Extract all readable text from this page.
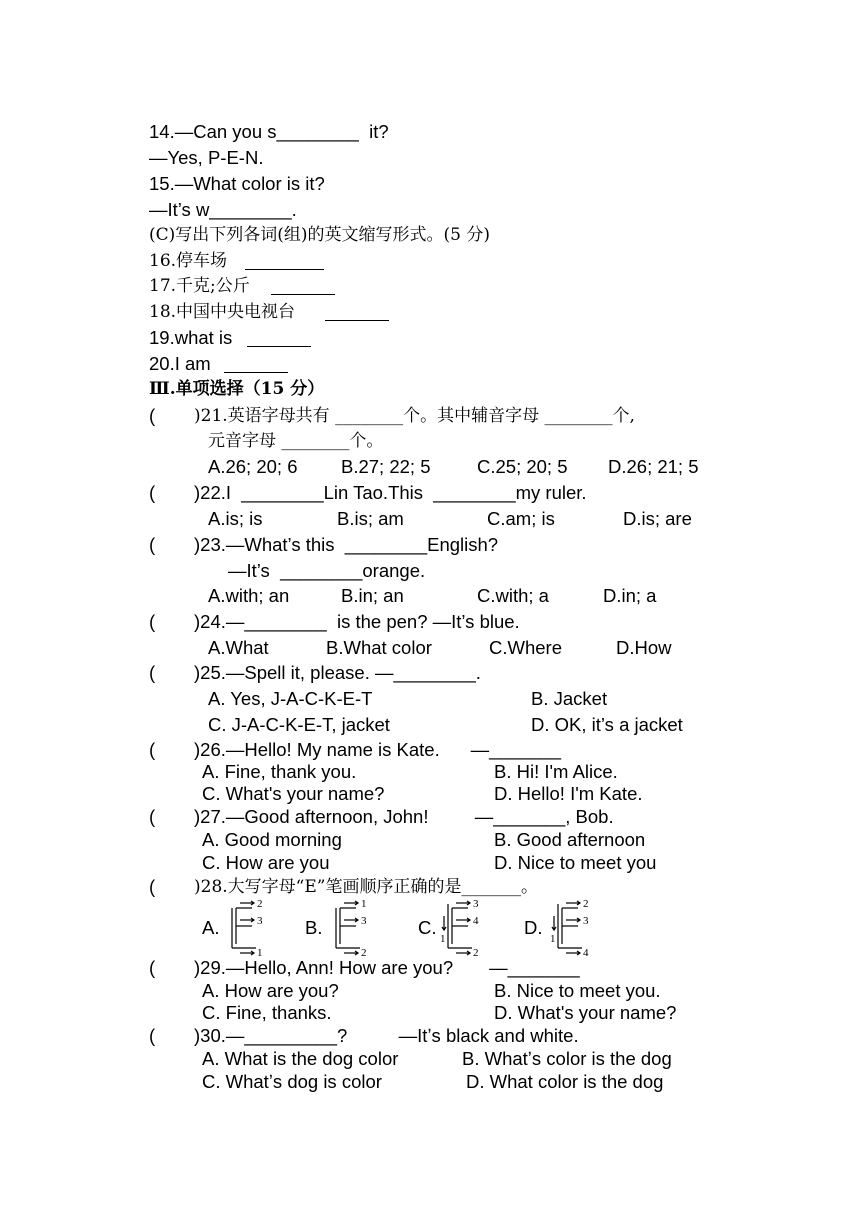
14.—Can you s________  it?
—Yes, P-E-N.
15.—What color is it?
—It’s w________.
(C)写出下列各词(组)的英文缩写形式。(5 分)
16.停车场
17.千克;公斤
18.中国中央电视台
19.what is
20.I am
Ⅲ.单项选择（15 分）
( )21.英语字母共有 ________个。其中辅音字母 ________个,
元音字母 ________个。
A.26; 20; 6 B.27; 22; 5	C.25; 20; 5 D.26; 21; 5
( )22.I  ________Lin Tao.This  ________my ruler.
A.is; is	B.is; am	C.am; is	D.is; are
( )23.—What’s this  ________English?
—It’s  ________orange.
A.with; an	B.in; an	C.with; a	D.in; a
( )24.—________  is the pen? —It’s blue.
A.What	B.What color	C.Where	D.How
( )25.—Spell it, please. —________.
A. Yes, J-A-C-K-E-T	B. Jacket
C. J-A-C-K-E-T, jacket	D. OK, it’s a jacket
( )26.—Hello! My name is Kate.      —_______
A. Fine, thank you.	B. Hi! I'm Alice.
C. What's your name?	D. Hello! I'm Kate.
( )27.—Good afternoon, John!         —_______, Bob.
A. Good morning	B. Good afternoon
C. How are you	D. Nice to meet you
( )28.大写字母“E”笔画顺序正确的是_______。
A.
2
3
1
B.
1
3
2
C.
1
3
4
2
D.
1
2
3
4
( )29.—Hello, Ann! How are you?       —_______
A. How are you?	B. Nice to meet you.
C. Fine, thanks.	D. What's your name?
( )30.—_________?          —Itʼs black and white.
A. What is the dog color	B. Whatʼs color is the dog
C. Whatʼs dog is color	D. What color is the dog
